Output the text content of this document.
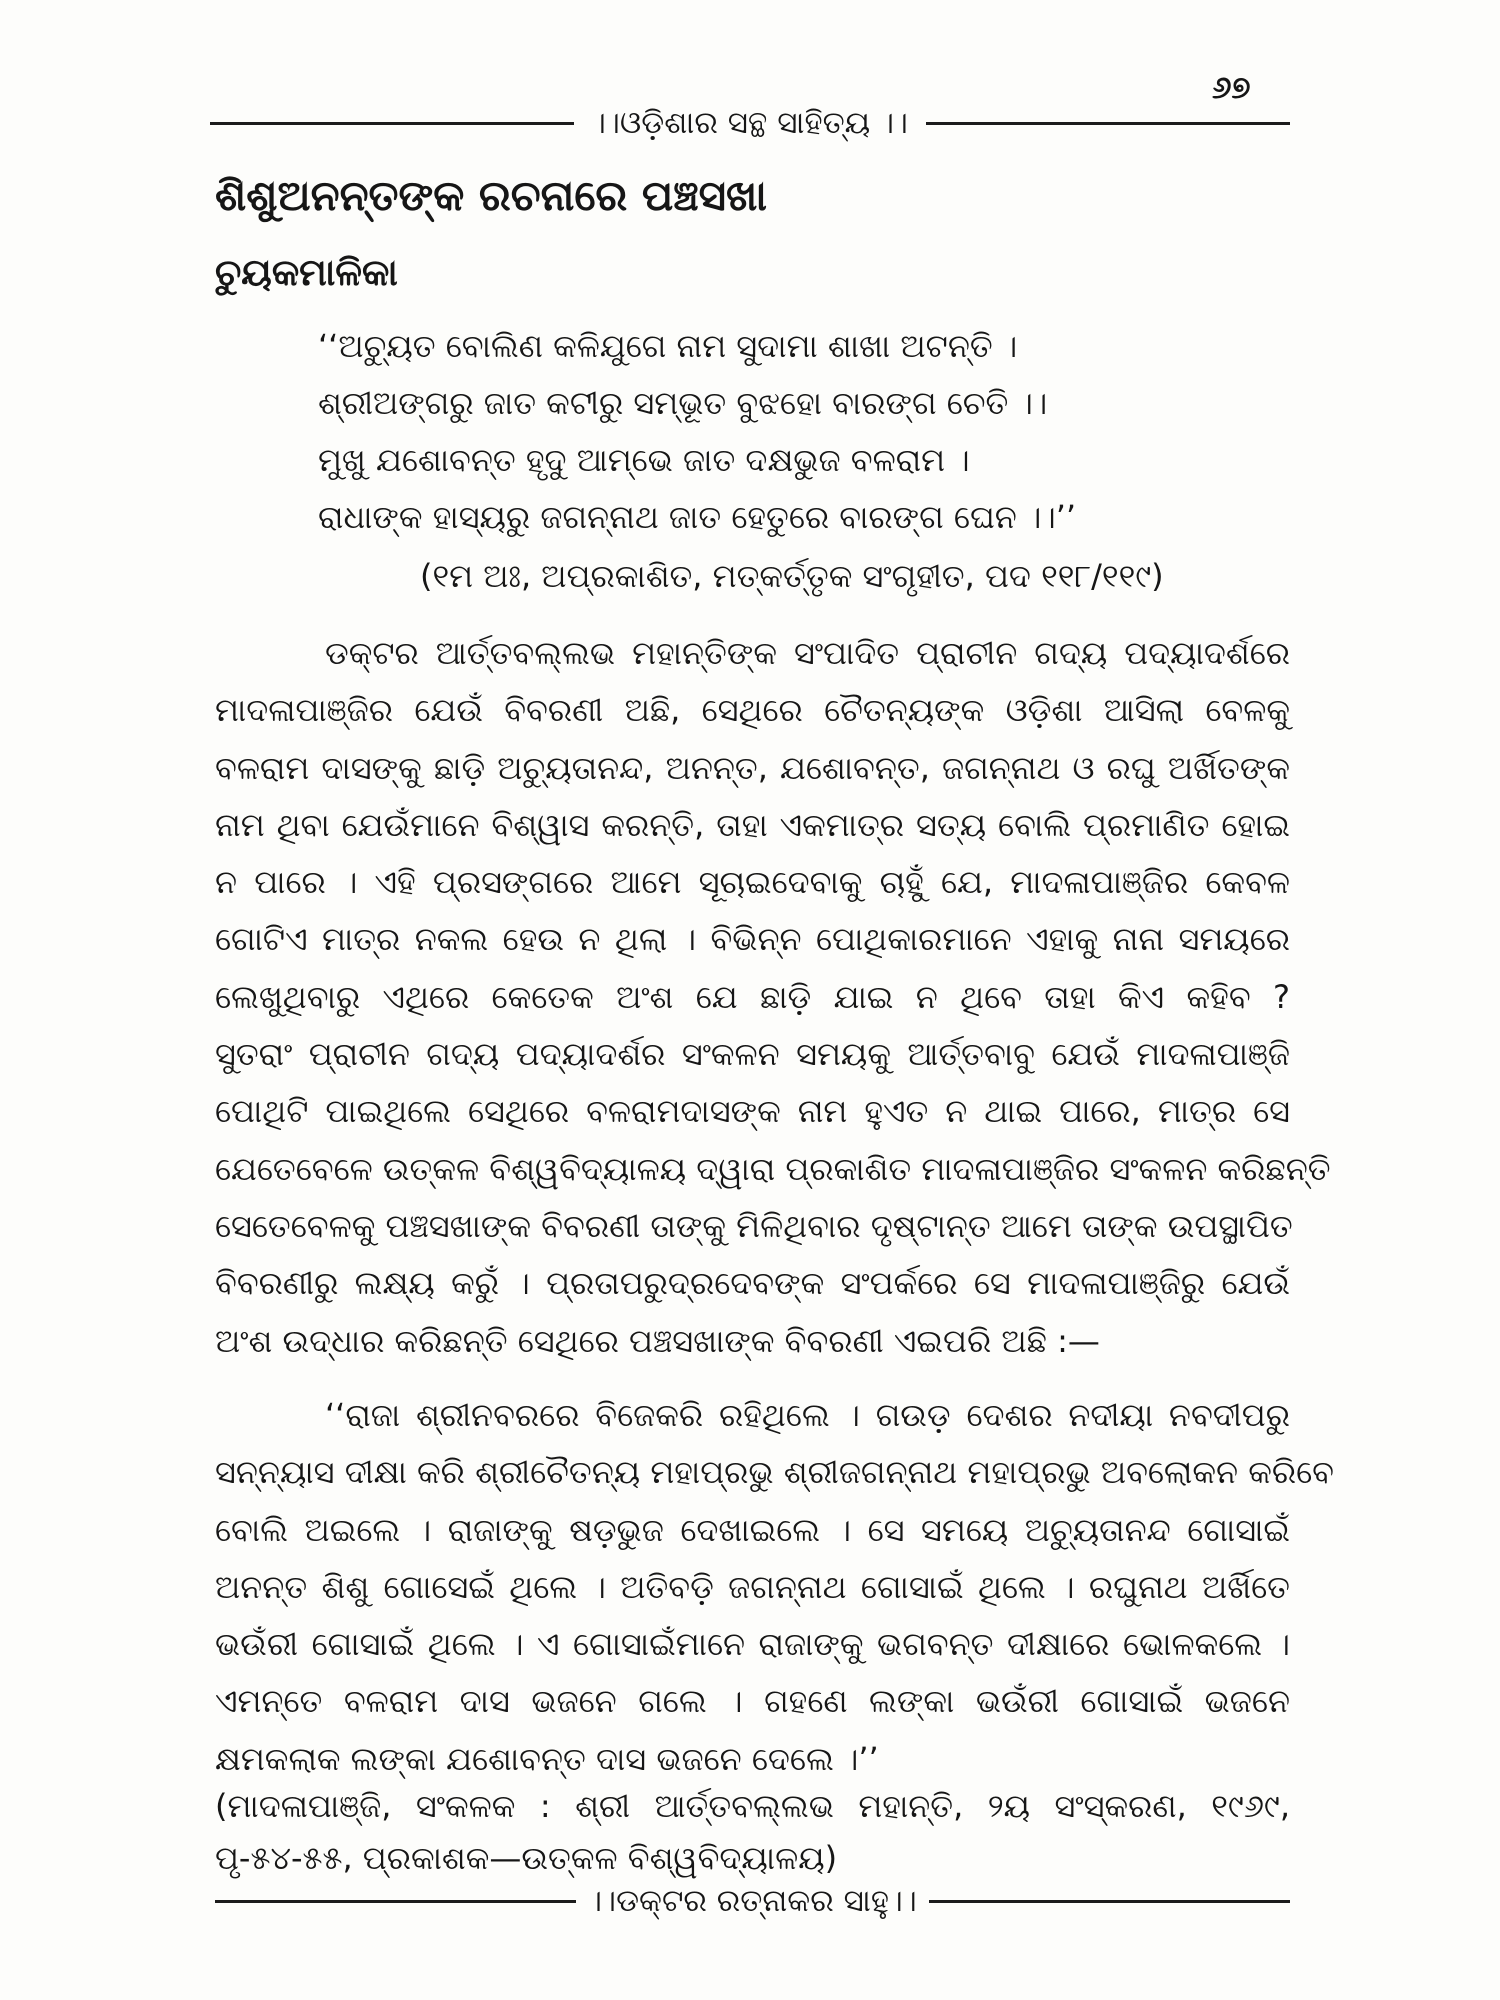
୬୭
।।ଓଡ଼ିଶାର ସନ୍ଥ ସାହିତ୍ୟ ।।
ଶିଶୁଅନନ୍ତଙ୍କ ରଚନାରେ ପଞ୍ଚସଖା
ଚୁୟକମାଳିକା
‘‘ଅଚ୍ୟୁତ ବୋଲିଣ କଳିଯୁଗେ ନାମ ସୁଦାମା ଶାଖା ଅଟନ୍ତି ।
ଶ୍ରୀଅଙ୍ଗରୁ ଜାତ କଟୀରୁ ସମ୍ଭୂତ ବୁଝହୋ ବାରଙ୍ଗ ଚେତି ।।
ମୁଖୁ ଯଶୋବନ୍ତ ହୃଦୁ ଆମ୍ଭେ ଜାତ ଦକ୍ଷଭୁଜ ବଳରାମ ।
ରାଧାଙ୍କ ହାସ୍ୟରୁ ଜଗନ୍ନାଥ ଜାତ ହେତୁରେ ବାରଙ୍ଗ ଘେନ ।।’’
(୧ମ ଅଃ, ଅପ୍ରକାଶିତ, ମତ୍‌କର୍ତ୍ତୃକ ସଂଗୃହୀତ, ପଦ ୧୧୮/୧୧୯)
ଡକ୍ଟର ଆର୍ତ୍ତବଲ୍ଲଭ ମହାନ୍ତିଙ୍କ ସଂପାଦିତ ପ୍ରାଚୀନ ଗଦ୍ୟ ପଦ୍ୟାଦର୍ଶରେ
ମାଦଳାପାଞ୍ଜିର ଯେଉଁ ବିବରଣୀ ଅଛି, ସେଥିରେ ଚୈତନ୍ୟଙ୍କ ଓଡ଼ିଶା ଆସିଲା ବେଳକୁ
ବଳରାମ ଦାସଙ୍କୁ ଛାଡ଼ି ଅଚ୍ୟୁତାନନ୍ଦ, ଅନନ୍ତ, ଯଶୋବନ୍ତ, ଜଗନ୍ନାଥ ଓ ରଘୁ ଅର୍ଖିତଙ୍କ
ନାମ ଥିବା ଯେଉଁମାନେ ବିଶ୍ୱାସ କରନ୍ତି, ତାହା ଏକମାତ୍ର ସତ୍ୟ ବୋଲି ପ୍ରମାଣିତ ହୋଇ
ନ ପାରେ । ଏହି ପ୍ରସଙ୍ଗରେ ଆମେ ସୂଚାଇଦେବାକୁ ଚାହୁଁ ଯେ, ମାଦଳାପାଞ୍ଜିର କେବଳ
ଗୋଟିଏ ମାତ୍ର ନକଲ ହେଉ ନ ଥିଲା । ବିଭିନ୍ନ ପୋଥିକାରମାନେ ଏହାକୁ ନାନା ସମୟରେ
ଲେଖୁଥିବାରୁ ଏଥିରେ କେତେକ ଅଂଶ ଯେ ଛାଡ଼ି ଯାଇ ନ ଥିବେ ତାହା କିଏ କହିବ ?
ସୁତରାଂ ପ୍ରାଚୀନ ଗଦ୍ୟ ପଦ୍ୟାଦର୍ଶର ସଂକଳନ ସମୟକୁ ଆର୍ତ୍ତବାବୁ ଯେଉଁ ମାଦଳାପାଞ୍ଜି
ପୋଥିଟି ପାଇଥିଲେ ସେଥିରେ ବଳରାମଦାସଙ୍କ ନାମ ହୁଏତ ନ ଥାଇ ପାରେ, ମାତ୍ର ସେ
ଯେତେବେଳେ ଉତ୍କଳ ବିଶ୍ୱବିଦ୍ୟାଳୟ ଦ୍ୱାରା ପ୍ରକାଶିତ ମାଦଳାପାଞ୍ଜିର ସଂକଳନ କରିଛନ୍ତି
ସେତେବେଳକୁ ପଞ୍ଚସଖାଙ୍କ ବିବରଣୀ ତାଙ୍କୁ ମିଳିଥିବାର ଦୃଷ୍ଟାନ୍ତ ଆମେ ତାଙ୍କ ଉପସ୍ଥାପିତ
ବିବରଣୀରୁ ଲକ୍ଷ୍ୟ କରୁଁ । ପ୍ରତାପରୁଦ୍ରଦେବଙ୍କ ସଂପର୍କରେ ସେ ମାଦଳାପାଞ୍ଜିରୁ ଯେଉଁ
ଅଂଶ ଉଦ୍ଧାର କରିଛନ୍ତି ସେଥିରେ ପଞ୍ଚସଖାଙ୍କ ବିବରଣୀ ଏଇପରି ଅଛି :—
‘‘ରାଜା ଶ୍ରୀନବରରେ ବିଜେକରି ରହିଥିଲେ । ଗଉଡ଼ ଦେଶର ନଦୀୟା ନବଦୀପରୁ
ସନ୍ନ୍ୟାସ ଦୀକ୍ଷା କରି ଶ୍ରୀଚୈତନ୍ୟ ମହାପ୍ରଭୁ ଶ୍ରୀଜଗନ୍ନାଥ ମହାପ୍ରଭୁ ଅବଲୋକନ କରିବେ
ବୋଲି ଅଇଲେ । ରାଜାଙ୍କୁ ଷଡ଼ଭୁଜ ଦେଖାଇଲେ । ସେ ସମୟେ ଅଚ୍ୟୁତାନନ୍ଦ ଗୋସାଇଁ
ଅନନ୍ତ ଶିଶୁ ଗୋସେଇଁ ଥିଲେ । ଅତିବଡ଼ି ଜଗନ୍ନାଥ ଗୋସାଇଁ ଥିଲେ । ରଘୁନାଥ ଅର୍ଖିତେ
ଭଉଁରୀ ଗୋସାଇଁ ଥିଲେ । ଏ ଗୋସାଇଁମାନେ ରାଜାଙ୍କୁ ଭଗବନ୍ତ ଦୀକ୍ଷାରେ ଭୋଳକଲେ ।
ଏମନ୍ତେ ବଳରାମ ଦାସ ଭଜନେ ଗଲେ । ଗହଣେ ଲଙ୍କା ଭଉଁରୀ ଗୋସାଇଁ ଭଜନେ
କ୍ଷମକଲାକ ଲଙ୍କା ଯଶୋବନ୍ତ ଦାସ ଭଜନେ ଦେଲେ ।’’
(ମାଦଳାପାଞ୍ଜି, ସଂକଳକ : ଶ୍ରୀ ଆର୍ତ୍ତବଲ୍ଲଭ ମହାନ୍ତି, ୨ୟ ସଂସ୍କରଣ, ୧୯୬୯,
ପୃ-୫୪-୫୫, ପ୍ରକାଶକ—ଉତ୍କଳ ବିଶ୍ୱବିଦ୍ୟାଳୟ)
।।ଡକ୍ଟର ରତ୍ନାକର ସାହୁ।।
